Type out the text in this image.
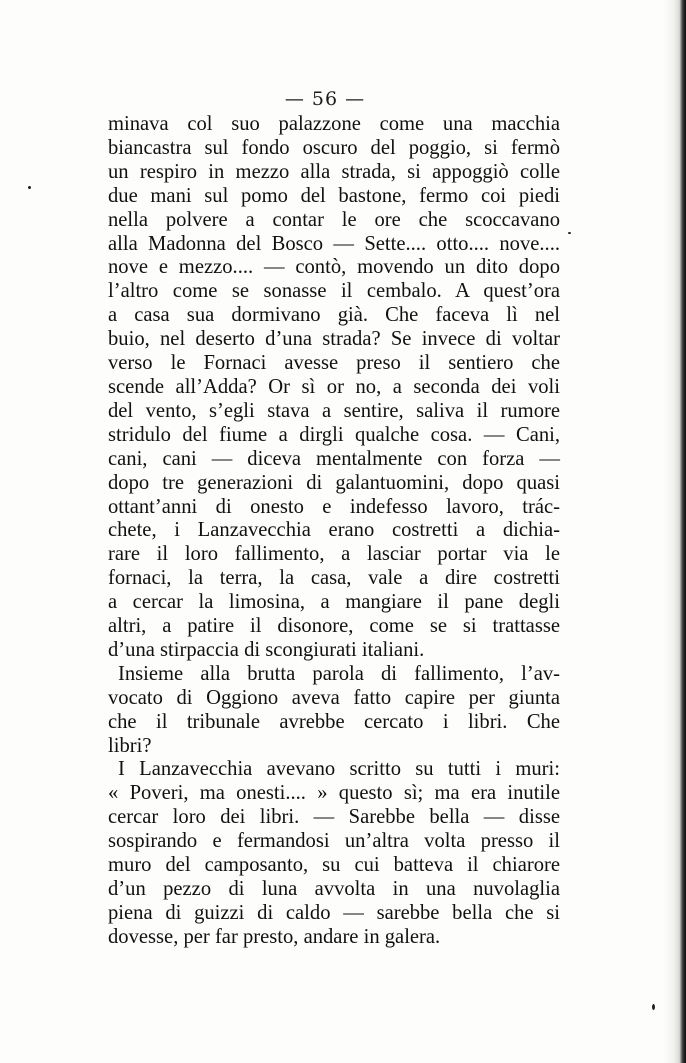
— 56 —
minava col suo palazzone come una macchia
biancastra sul fondo oscuro del poggio, si fermò
un respiro in mezzo alla strada, si appoggiò colle
due mani sul pomo del bastone, fermo coi piedi
nella polvere a contar le ore che scoccavano
alla Madonna del Bosco — Sette.... otto.... nove....
nove e mezzo.... — contò, movendo un dito dopo
l’altro come se sonasse il cembalo. A quest’ora
a casa sua dormivano già. Che faceva lì nel
buio, nel deserto d’una strada? Se invece di voltar
verso le Fornaci avesse preso il sentiero che
scende all’Adda? Or sì or no, a seconda dei voli
del vento, s’egli stava a sentire, saliva il rumore
stridulo del fiume a dirgli qualche cosa. — Cani,
cani, cani — diceva mentalmente con forza —
dopo tre generazioni di galantuomini, dopo quasi
ottant’anni di onesto e indefesso lavoro, trác-
chete, i Lanzavecchia erano costretti a dichia-
rare il loro fallimento, a lasciar portar via le
fornaci, la terra, la casa, vale a dire costretti
a cercar la limosina, a mangiare il pane degli
altri, a patire il disonore, come se si trattasse
d’una stirpaccia di scongiurati italiani.
Insieme alla brutta parola di fallimento, l’av-
vocato di Oggiono aveva fatto capire per giunta
che il tribunale avrebbe cercato i libri. Che
libri?
I Lanzavecchia avevano scritto su tutti i muri:
« Poveri, ma onesti.... » questo sì; ma era inutile
cercar loro dei libri. — Sarebbe bella — disse
sospirando e fermandosi un’altra volta presso il
muro del camposanto, su cui batteva il chiarore
d’un pezzo di luna avvolta in una nuvolaglia
piena di guizzi di caldo — sarebbe bella che si
dovesse, per far presto, andare in galera.
